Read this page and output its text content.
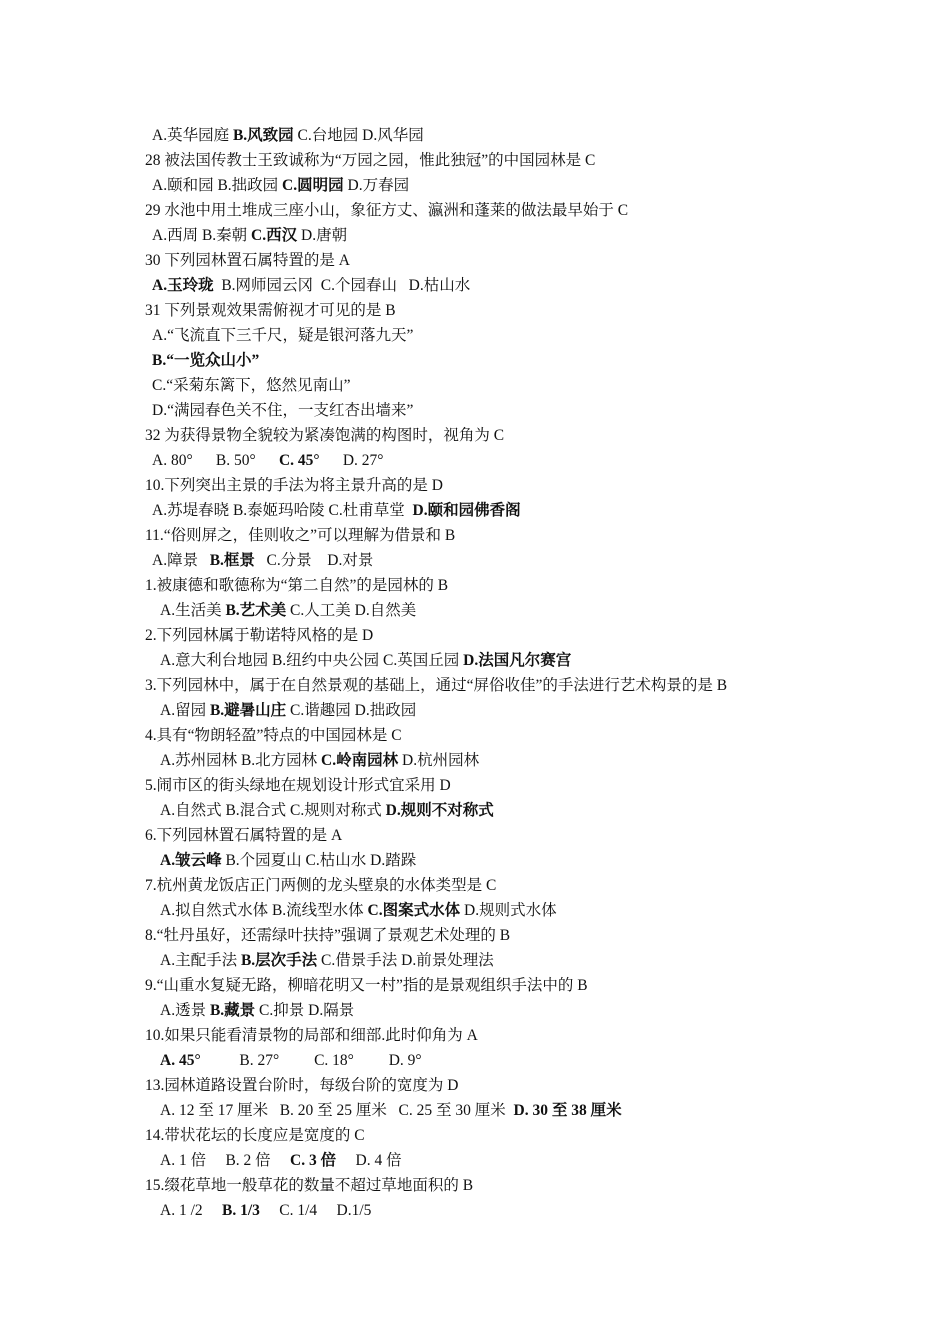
A.英华园庭 B.风致园 C.台地园 D.风华园
28 被法国传教士王致诚称为“万园之园，惟此独冠”的中国园林是 C
A.颐和园 B.拙政园 C.圆明园 D.万春园
29 水池中用土堆成三座小山，象征方丈、瀛洲和蓬莱的做法最早始于 C
A.西周 B.秦朝 C.西汉 D.唐朝
30 下列园林置石属特置的是 A
A.玉玲珑  B.网师园云冈  C.个园春山   D.枯山水
31 下列景观效果需俯视才可见的是 B
A.“飞流直下三千尺，疑是银河落九天”
B.“一览众山小”
C.“采菊东篱下，悠然见南山”
D.“满园春色关不住，一支红杏出墙来”
32 为获得景物全貌较为紧凑饱满的构图时，视角为 C
A. 80°      B. 50°      C. 45°      D. 27°
10.下列突出主景的手法为将主景升高的是 D
A.苏堤春晓 B.泰姬玛哈陵 C.杜甫草堂  D.颐和园佛香阁
11.“俗则屏之，佳则收之”可以理解为借景和 B
A.障景   B.框景   C.分景    D.对景
1.被康德和歌德称为“第二自然”的是园林的 B
A.生活美 B.艺术美 C.人工美 D.自然美
2.下列园林属于勒诺特风格的是 D
A.意大利台地园 B.纽约中央公园 C.英国丘园 D.法国凡尔赛宫
3.下列园林中，属于在自然景观的基础上，通过“屏俗收佳”的手法进行艺术构景的是 B
A.留园 B.避暑山庄 C.谐趣园 D.拙政园
4.具有“物朗轻盈”特点的中国园林是 C
A.苏州园林 B.北方园林 C.岭南园林 D.杭州园林
5.闹市区的街头绿地在规划设计形式宜采用 D
A.自然式 B.混合式 C.规则对称式 D.规则不对称式
6.下列园林置石属特置的是 A
A.皱云峰 B.个园夏山 C.枯山水 D.踏跺
7.杭州黄龙饭店正门两侧的龙头壁泉的水体类型是 C
A.拟自然式水体 B.流线型水体 C.图案式水体 D.规则式水体
8.“牡丹虽好，还需绿叶扶持”强调了景观艺术处理的 B
A.主配手法 B.层次手法 C.借景手法 D.前景处理法
9.“山重水复疑无路，柳暗花明又一村”指的是景观组织手法中的 B
A.透景 B.藏景 C.抑景 D.隔景
10.如果只能看清景物的局部和细部.此时仰角为 A
A. 45°          B. 27°         C. 18°         D. 9°
13.园林道路设置台阶时，每级台阶的宽度为 D
A. 12 至 17 厘米   B. 20 至 25 厘米   C. 25 至 30 厘米  D. 30 至 38 厘米
14.带状花坛的长度应是宽度的 C
A. 1 倍     B. 2 倍     C. 3 倍     D. 4 倍
15.缀花草地一般草花的数量不超过草地面积的 B
A. 1 /2     B. 1/3     C. 1/4     D.1/5
